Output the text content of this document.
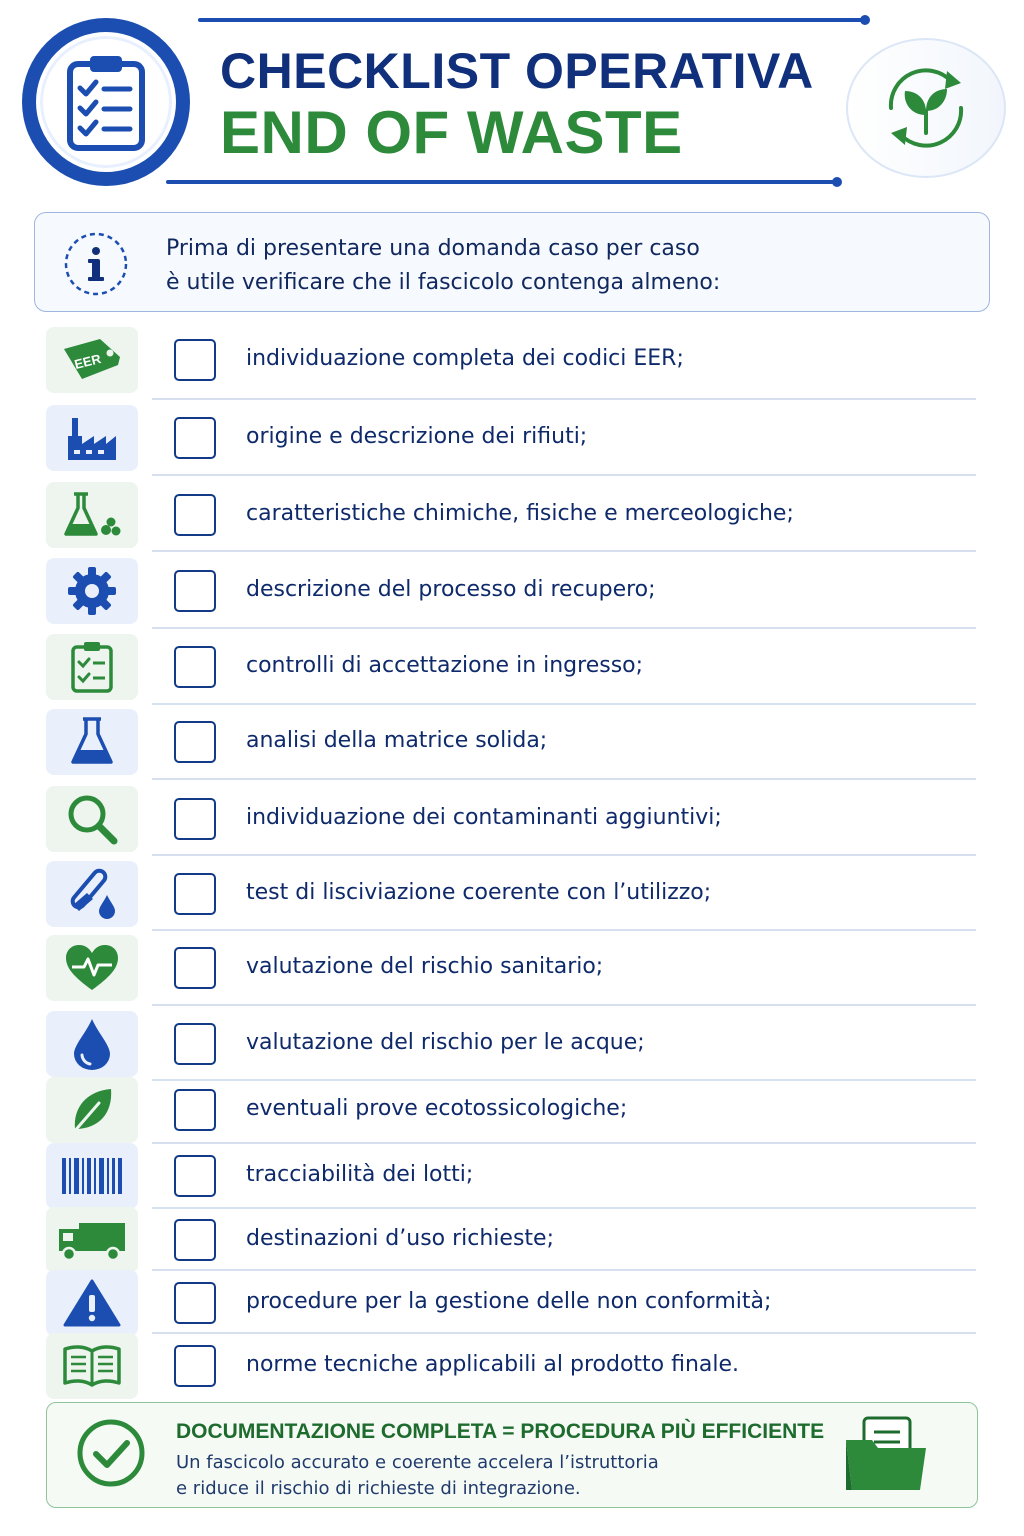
CHECKLIST OPERATIVA
END OF WASTE
Prima di presentare una domanda caso per caso
è utile verificare che il fascicolo contenga almeno:
EER	individuazione completa dei codici EER;
origine e descrizione dei rifiuti;
caratteristiche chimiche, fisiche e merceologiche;
descrizione del processo di recupero;
controlli di accettazione in ingresso;
analisi della matrice solida;
individuazione dei contaminanti aggiuntivi;
test di lisciviazione coerente con l’utilizzo;
valutazione del rischio sanitario;
valutazione del rischio per le acque;
eventuali prove ecotossicologiche;
tracciabilità dei lotti;
destinazioni d’uso richieste;
procedure per la gestione delle non conformità;
norme tecniche applicabili al prodotto finale.
DOCUMENTAZIONE COMPLETA = PROCEDURA PIÙ EFFICIENTE
Un fascicolo accurato e coerente accelera l’istruttoria
e riduce il rischio di richieste di integrazione.
